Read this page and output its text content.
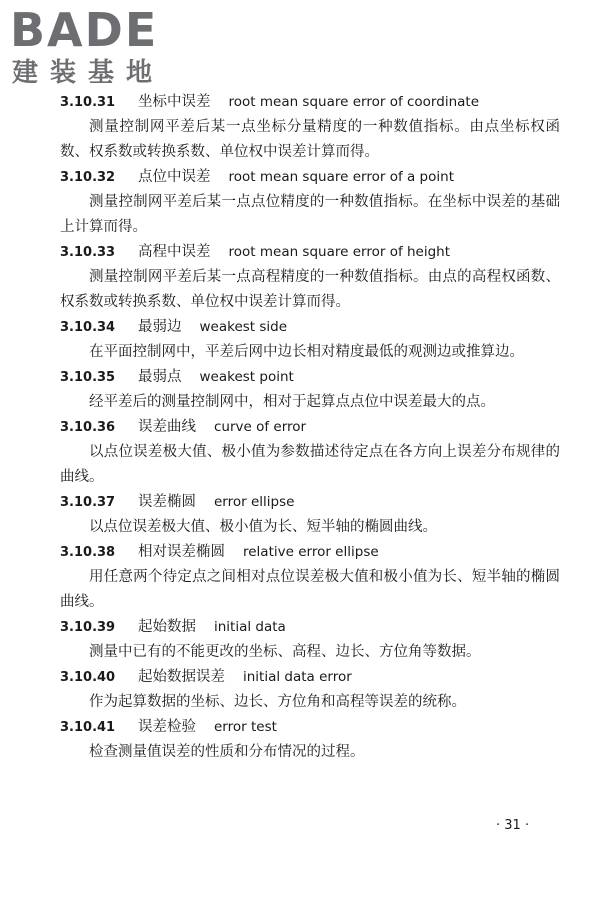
BADE
建装基地
3.10.31 坐标中误差 root mean square error of coordinate

测量控制网平差后某一点坐标分量精度的一种数值指标。由点坐标权函数、权系数或转换系数、单位权中误差计算而得。

3.10.32 点位中误差 root mean square error of a point

测量控制网平差后某一点点位精度的一种数值指标。在坐标中误差的基础上计算而得。

3.10.33 高程中误差 root mean square error of height

测量控制网平差后某一点高程精度的一种数值指标。由点的高程权函数、权系数或转换系数、单位权中误差计算而得。

3.10.34 最弱边 weakest side

在平面控制网中，平差后网中边长相对精度最低的观测边或推算边。

3.10.35 最弱点 weakest point

经平差后的测量控制网中，相对于起算点点位中误差最大的点。

3.10.36 误差曲线 curve of error

以点位误差极大值、极小值为参数描述待定点在各方向上误差分布规律的曲线。

3.10.37 误差椭圆 error ellipse

以点位误差极大值、极小值为长、短半轴的椭圆曲线。

3.10.38 相对误差椭圆 relative error ellipse

用任意两个待定点之间相对点位误差极大值和极小值为长、短半轴的椭圆曲线。

3.10.39 起始数据 initial data

测量中已有的不能更改的坐标、高程、边长、方位角等数据。

3.10.40 起始数据误差 initial data error

作为起算数据的坐标、边长、方位角和高程等误差的统称。

3.10.41 误差检验 error test

检查测量值误差的性质和分布情况的过程。

· 31 ·
